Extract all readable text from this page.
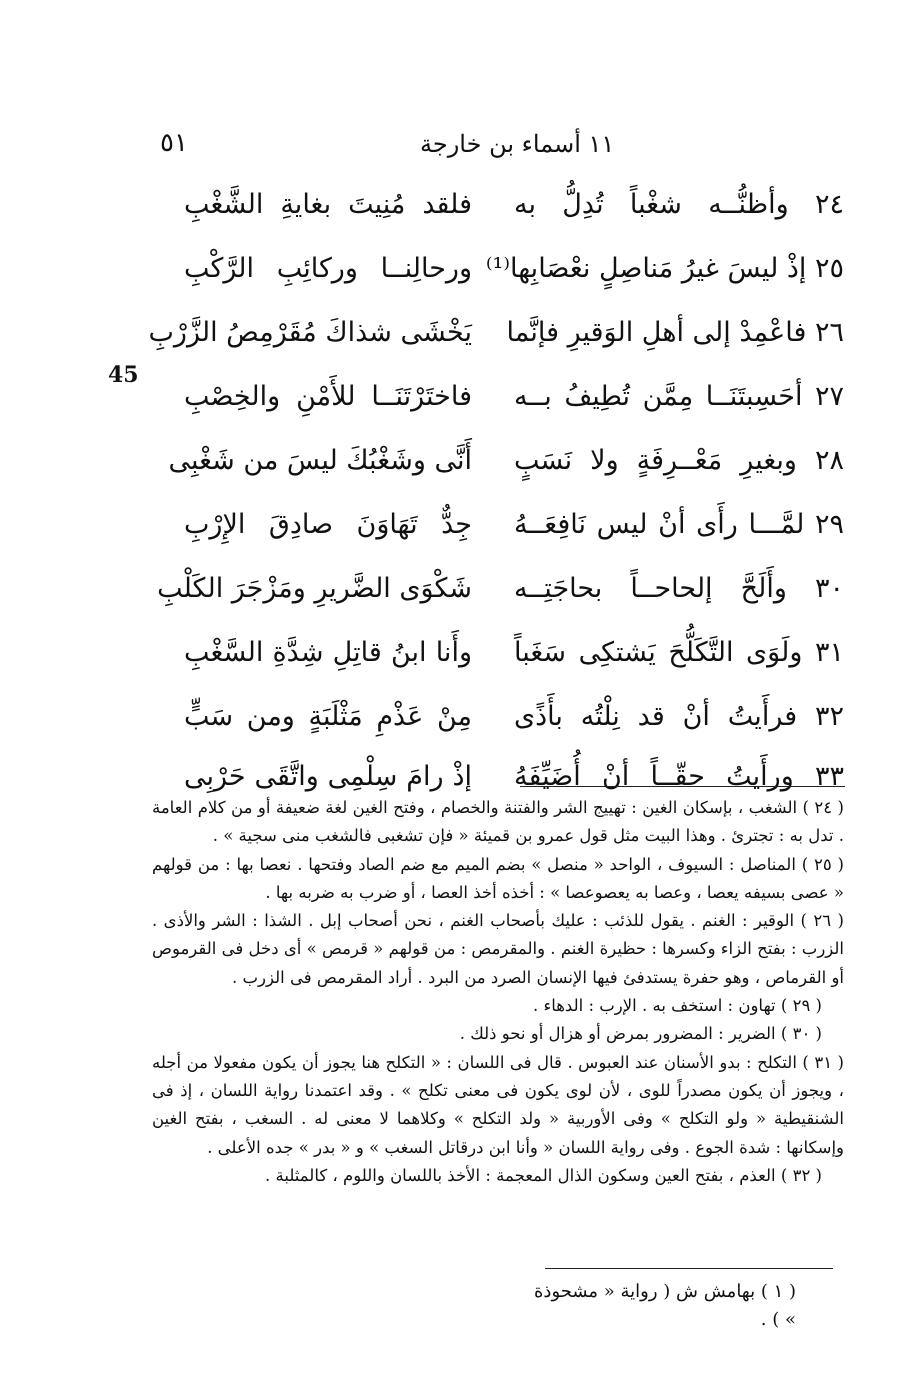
٥١	١١ أسماء بن خارجة
45
٢٤ وأظنُّــه شغْباً تُدِلُّ به
فلقد مُنِيتَ بغايةِ الشَّغْبِ
٢٥ إذْ ليسَ غيرُ مَناصِلٍ نعْصَابِها⁽¹⁾
ورحالِنــا وركائِبِ الرَّكْبِ
٢٦ فاعْمِدْ إلى أهلِ الوَقيرِ فإنَّما
يَخْشَى شذاكَ مُقَرْمِصُ الزَّرْبِ
٢٧ أحَسِبتَنَــا مِمَّن تُطِيفُ بــه
فاختَرْتَنَــا للأَمْنِ والخِصْبِ
٢٨ وبغيرِ مَعْــرِفَةٍ ولا نَسَبٍ
أَنَّى وشَغْبُكَ ليسَ من شَغْبِى
٢٩ لمَّـــا رأَى أنْ ليس نَافِعَــهُ
جِدٌّ تَهَاوَنَ صادِقَ الإِرْبِ
٣٠ وأَلَحَّ إلحاحــاً بحاجَتِــه
شَكْوَى الضَّريرِ ومَزْجَرَ الكَلْبِ
٣١ ولَوَى التَّكَلُّحَ يَشتكِى سَغَباً
وأَنا ابنُ قاتِلِ شِدَّةِ السَّغْبِ
٣٢ فرأَيتُ أنْ قد نِلْتُه بأَذًى
مِنْ عَذْمِ مَثْلَبَةٍ ومن سَبٍّ
٣٣ ورأَيتُ حقّــاً أنْ أُضَيِّفَهُ
إذْ رامَ سِلْمِى واتَّقَى حَرْبِى

( ٢٤ ) الشغب ، بإسكان الغين : تهييج الشر والفتنة والخصام ، وفتح الغين لغة ضعيفة أو من كلام العامة . تدل به : تجترئ . وهذا البيت مثل قول عمرو بن قميئة « فإن تشغبى فالشغب منى سجية » .

( ٢٥ ) المناصل : السيوف ، الواحد « منصل » بضم الميم مع ضم الصاد وفتحها . نعصا بها : من قولهم « عصى بسيفه يعصا ، وعصا به يعصوعصا » : أخذه أخذ العصا ، أو ضرب به ضربه بها .

( ٢٦ ) الوقير : الغنم . يقول للذئب : عليك بأصحاب الغنم ، نحن أصحاب إبل . الشذا : الشر والأذى . الزرب : بفتح الزاء وكسرها : حظيرة الغنم . والمقرمص : من قولهم « قرمص » أى دخل فى القرموص أو القرماص ، وهو حفرة يستدفئ فيها الإنسان الصرد من البرد . أراد المقرمص فى الزرب .

( ٢٩ ) تهاون : استخف به . الإرب : الدهاء .

( ٣٠ ) الضرير : المضرور بمرض أو هزال أو نحو ذلك .

( ٣١ ) التكلح : بدو الأسنان عند العبوس . قال فى اللسان : « التكلح هنا يجوز أن يكون مفعولا من أجله ، ويجوز أن يكون مصدراً للوى ، لأن لوى يكون فى معنى تكلح » . وقد اعتمدنا رواية اللسان ، إذ فى الشنقيطية « ولو التكلح » وفى الأوربية « ولد التكلح » وكلاهما لا معنى له . السغب ، بفتح الغين وإسكانها : شدة الجوع . وفى رواية اللسان « وأنا ابن درقاتل السغب » و « بدر » جده الأعلى .

( ٣٢ ) العذم ، بفتح العين وسكون الذال المعجمة : الأخذ باللسان واللوم ، كالمثلبة .

( ١ ) بهامش ش ( رواية « مشحوذة » ) .
